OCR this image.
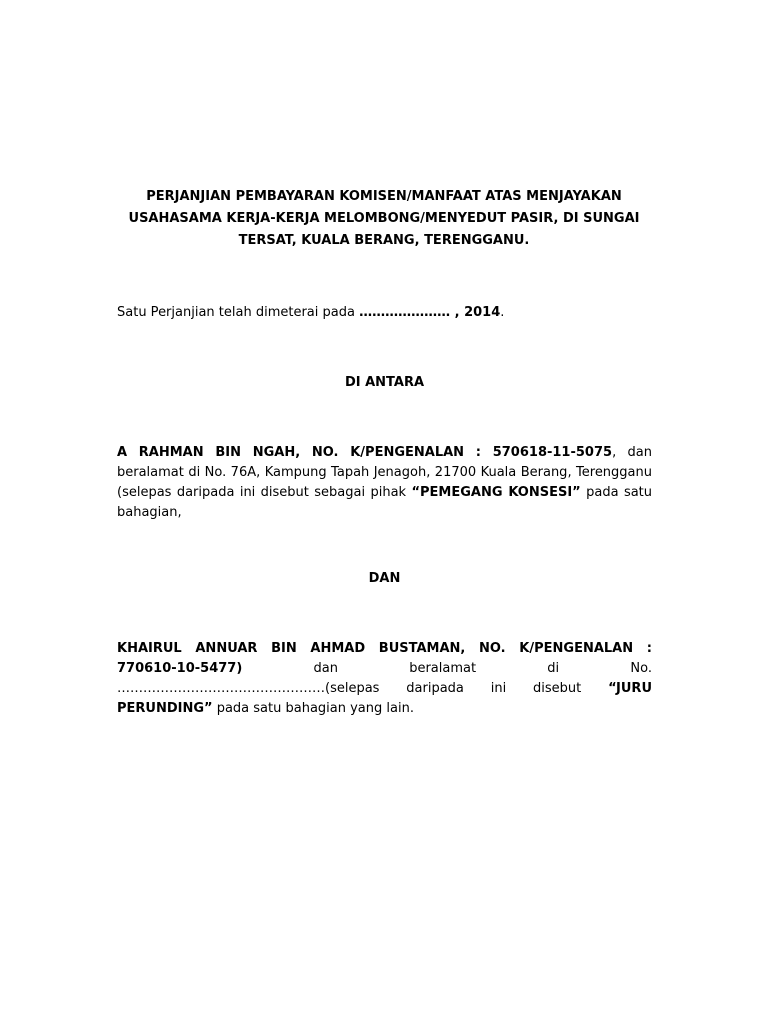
PERJANJIAN PEMBAYARAN KOMISEN/MANFAAT ATAS MENJAYAKAN
USAHASAMA KERJA-KERJA MELOMBONG/MENYEDUT PASIR, DI SUNGAI
TERSAT, KUALA BERANG, TERENGGANU.
Satu Perjanjian telah dimeterai pada ………………… , 2014.
DI ANTARA
A RAHMAN BIN NGAH, NO. K/PENGENALAN : 570618-11-5075, dan beralamat di No. 76A, Kampung Tapah Jenagoh, 21700 Kuala Berang, Terengganu (selepas daripada ini disebut sebagai pihak “PEMEGANG KONSESI” pada satu bahagian,
DAN
KHAIRUL ANNUAR BIN AHMAD BUSTAMAN, NO. K/PENGENALAN :
770610-10-5477) dan beralamat di No.
…………………………………………(selepas daripada ini disebut “JURU PERUNDING” pada satu bahagian yang lain.
